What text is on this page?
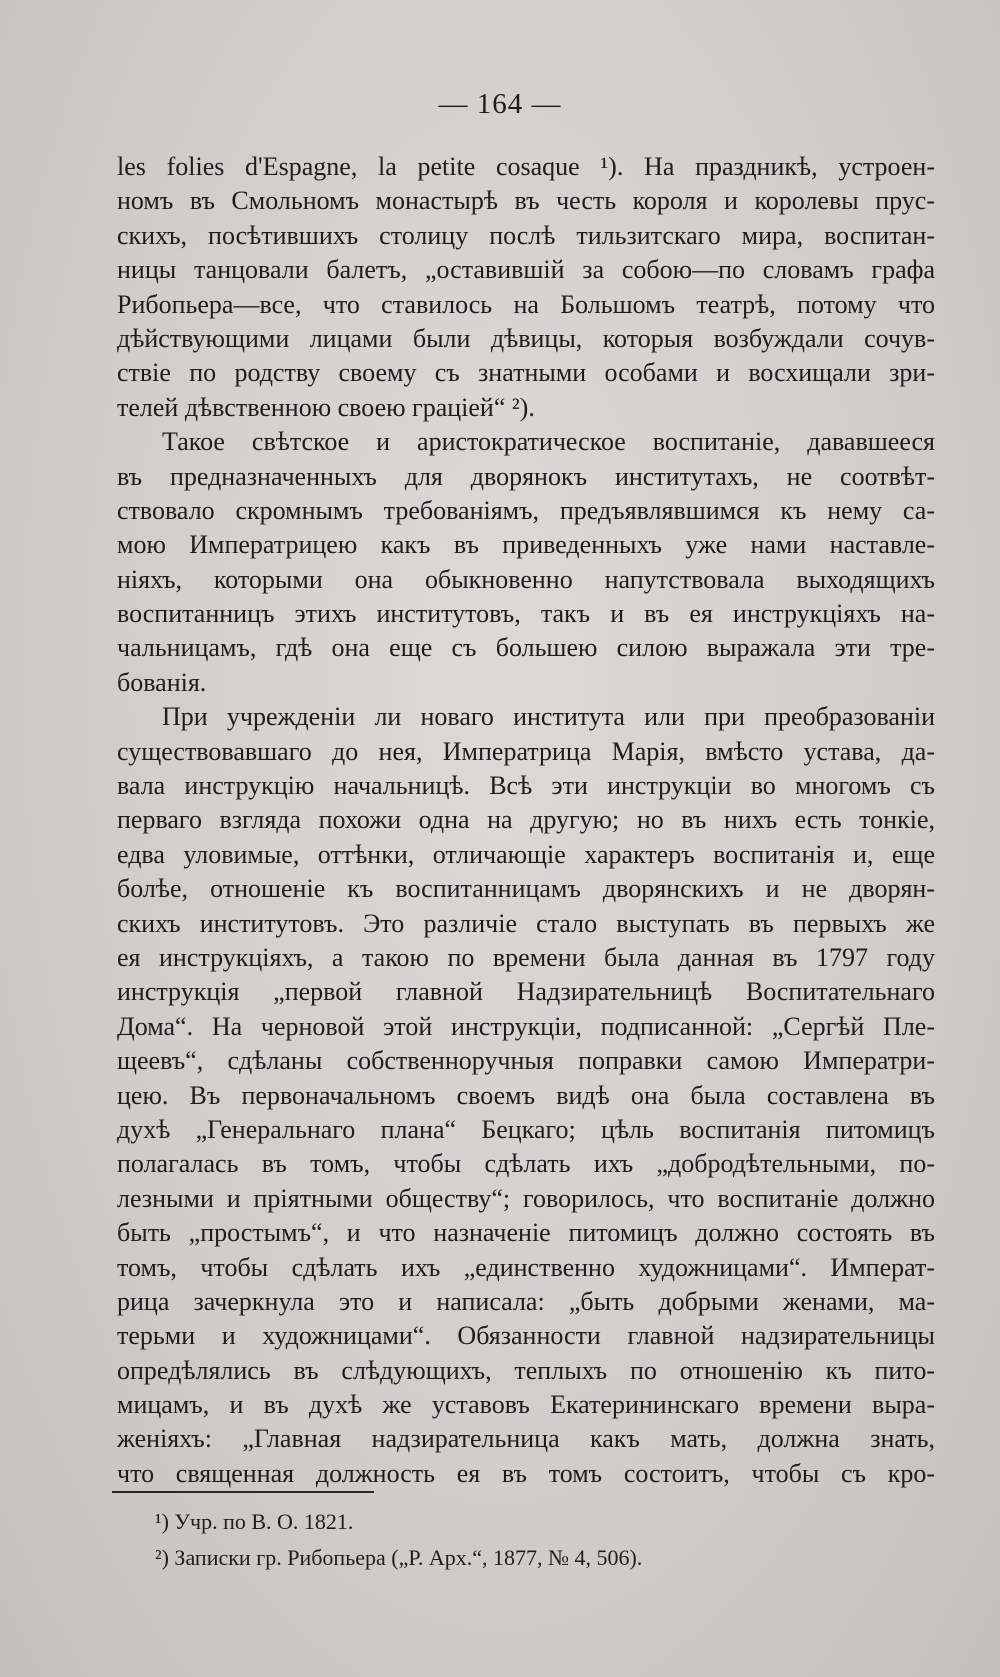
— 164 —

les folies d'Espagne, la petite cosaque ¹). На праздникѣ, устроен-
номъ въ Смольномъ монастырѣ въ честь короля и королевы прус-
скихъ, посѣтившихъ столицу послѣ тильзитскаго мира, воспитан-
ницы танцовали балетъ, „оставившій за собою—по словамъ графа
Рибопьера—все, что ставилось на Большомъ театрѣ, потому что
дѣйствующими лицами были дѣвицы, которыя возбуждали сочув-
ствіе по родству своему съ знатными особами и восхищали зри-
телей дѣвственною своею граціей“ ²).

Такое свѣтское и аристократическое воспитаніе, дававшееся
въ предназначенныхъ для дворянокъ институтахъ, не соотвѣт-
ствовало скромнымъ требованіямъ, предъявлявшимся къ нему са-
мою Императрицею какъ въ приведенныхъ уже нами наставле-
ніяхъ, которыми она обыкновенно напутствовала выходящихъ
воспитанницъ этихъ институтовъ, такъ и въ ея инструкціяхъ на-
чальницамъ, гдѣ она еще съ большею силою выражала эти тре-
бованія.

При учрежденіи ли новаго института или при преобразованіи
существовавшаго до нея, Императрица Марія, вмѣсто устава, да-
вала инструкцію начальницѣ. Всѣ эти инструкціи во многомъ съ
перваго взгляда похожи одна на другую; но въ нихъ есть тонкіе,
едва уловимые, оттѣнки, отличающіе характеръ воспитанія и, еще
болѣе, отношеніе къ воспитанницамъ дворянскихъ и не дворян-
скихъ институтовъ. Это различіе стало выступать въ первыхъ же
ея инструкціяхъ, а такою по времени была данная въ 1797 году
инструкція „первой главной Надзирательницѣ Воспитательнаго
Дома“. На черновой этой инструкціи, подписанной: „Сергѣй Пле-
щеевъ“, сдѣланы собственноручныя поправки самою Императри-
цею. Въ первоначальномъ своемъ видѣ она была составлена въ
духѣ „Генеральнаго плана“ Бецкаго; цѣль воспитанія питомицъ
полагалась въ томъ, чтобы сдѣлать ихъ „добродѣтельными, по-
лезными и пріятными обществу“; говорилось, что воспитаніе должно
быть „простымъ“, и что назначеніе питомицъ должно состоять въ
томъ, чтобы сдѣлать ихъ „единственно художницами“. Императ-
рица зачеркнула это и написала: „быть добрыми женами, ма-
терьми и художницами“. Обязанности главной надзирательницы
опредѣлялись въ слѣдующихъ, теплыхъ по отношенію къ пито-
мицамъ, и въ духѣ же уставовъ Екатерининскаго времени выра-
женіяхъ: „Главная надзирательница какъ мать, должна знать,
что священная должность ея въ томъ состоитъ, чтобы съ кро-

¹) Учр. по В. О. 1821.
²) Записки гр. Рибопьера („Р. Арх.“, 1877, № 4, 506).
